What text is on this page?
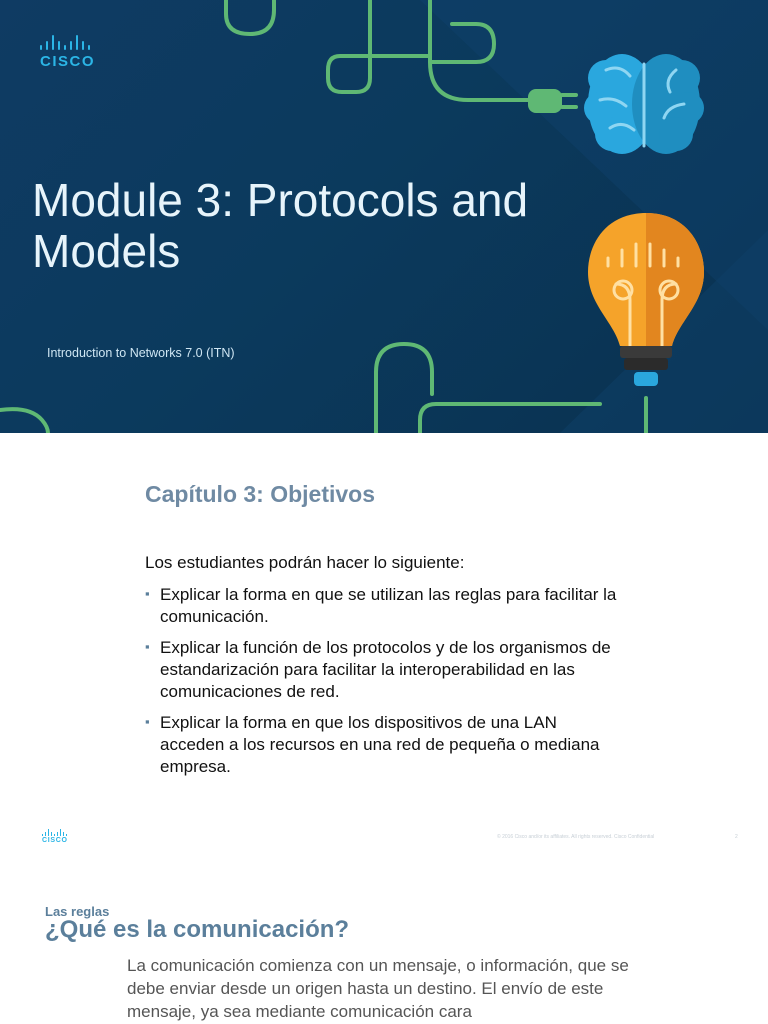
CISCO
Module 3: Protocols and Models
Introduction to Networks 7.0 (ITN)
Capítulo 3: Objetivos
Los estudiantes podrán hacer lo siguiente:
▪ Explicar la forma en que se utilizan las reglas para facilitar la comunicación.
▪ Explicar la función de los protocolos y de los organismos de estandarización para facilitar la interoperabilidad en las comunicaciones de red.
▪ Explicar la forma en que los dispositivos de una LAN acceden a los recursos en una red de pequeña o mediana empresa.
CISCO	© 2016 Cisco and/or its affiliates. All rights reserved. Cisco Confidential	2
Las reglas
¿Qué es la comunicación?

La comunicación comienza con un mensaje, o información, que se debe enviar desde un origen hasta un destino. El envío de este mensaje, ya sea mediante comunicación cara
